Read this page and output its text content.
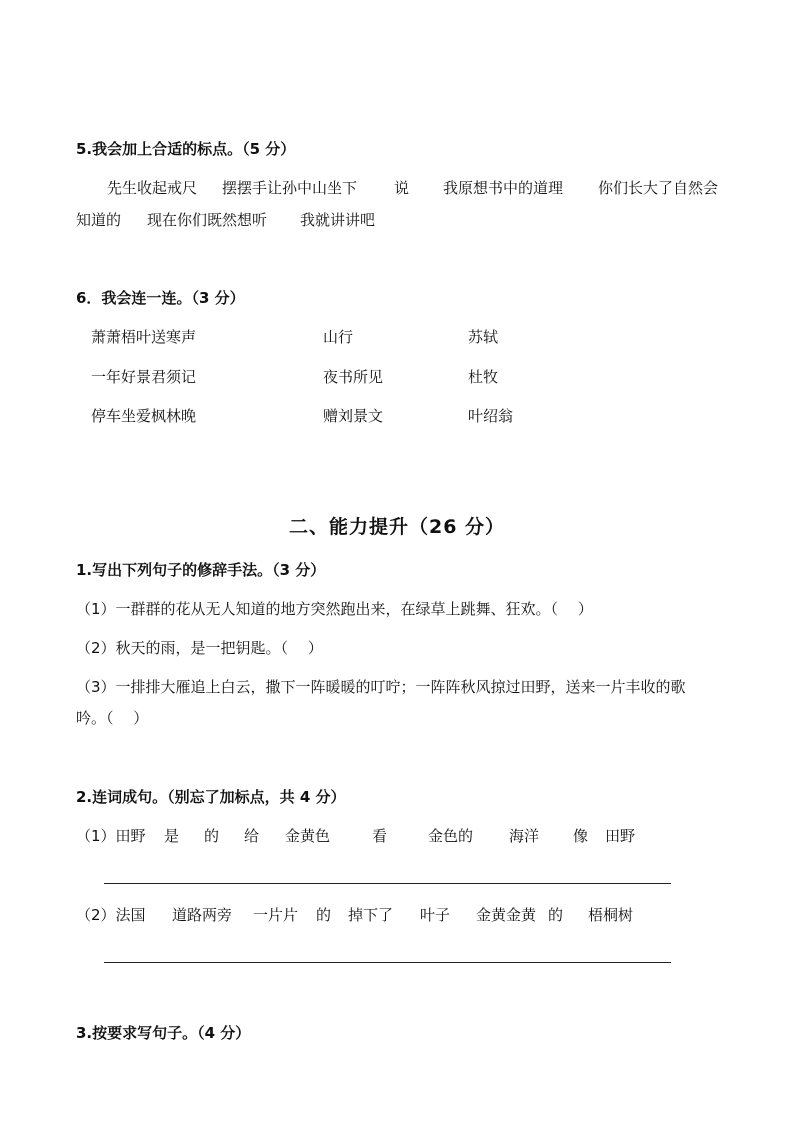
5.我会加上合适的标点。（5 分）
先生收起戒尺 摆摆手让孙中山坐下 说 我原想书中的道理 你们长大了自然会
知道的 现在你们既然想听 我就讲讲吧
6．我会连一连。（3 分）
萧萧梧叶送寒声	山行	苏轼
一年好景君须记	夜书所见	杜牧
停车坐爱枫林晚	赠刘景文	叶绍翁
二、能力提升（26 分）
1.写出下列句子的修辞手法。（3 分）
（1）一群群的花从无人知道的地方突然跑出来，在绿草上跳舞、狂欢。（　 ）
（2）秋天的雨，是一把钥匙。（　 ）
（3）一排排大雁追上白云，撒下一阵暖暖的叮咛；一阵阵秋风掠过田野，送来一片丰收的歌
吟。（　 ）
2.连词成句。（别忘了加标点，共 4 分）
（1）田野 是 的 给 金黄色	看	金色的 海洋 像 田野
（2）法国 道路两旁 一片片 的 掉下了 叶子 金黄金黄 的 梧桐树
3.按要求写句子。（4 分）
